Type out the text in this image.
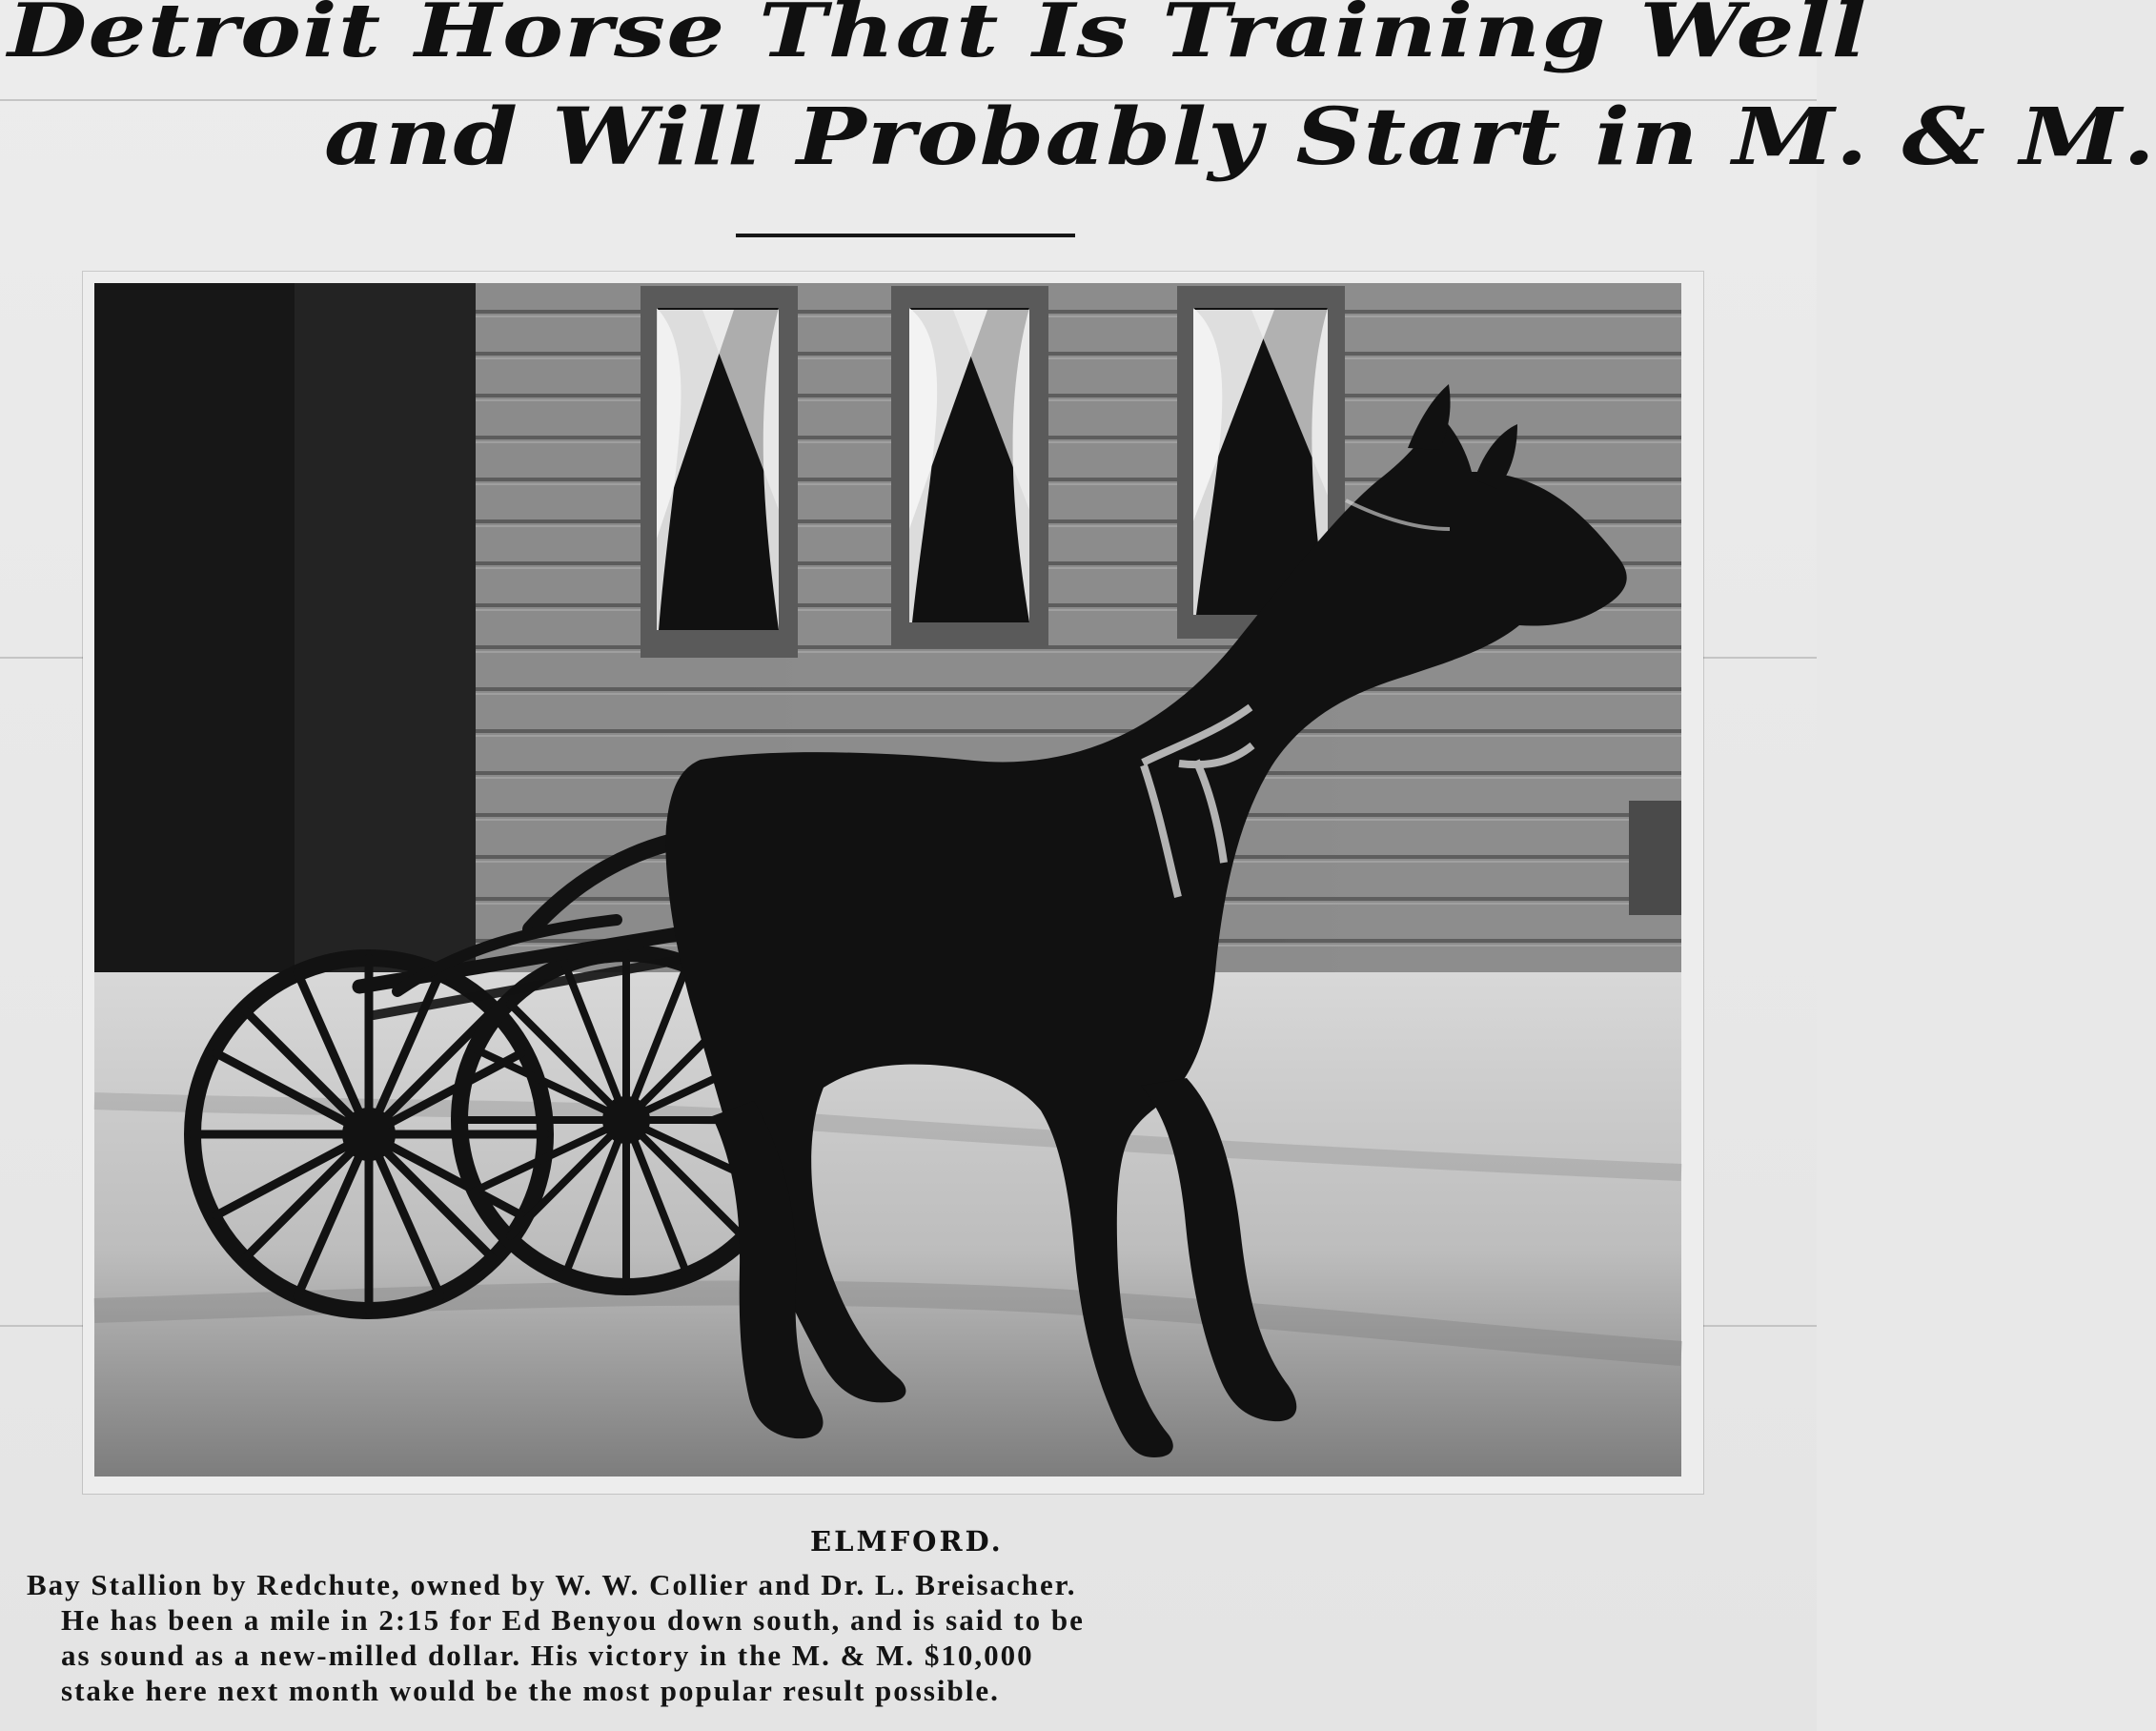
Detroit Horse That Is Training Well
and Will Probably Start in M. & M.

ELMFORD.

Bay Stallion by Redchute, owned by W. W. Collier and Dr. L. Breisacher.
He has been a mile in 2:15 for Ed Benyou down south, and is said to be
as sound as a new-milled dollar. His victory in the M. & M. $10,000
stake here next month would be the most popular result possible.
